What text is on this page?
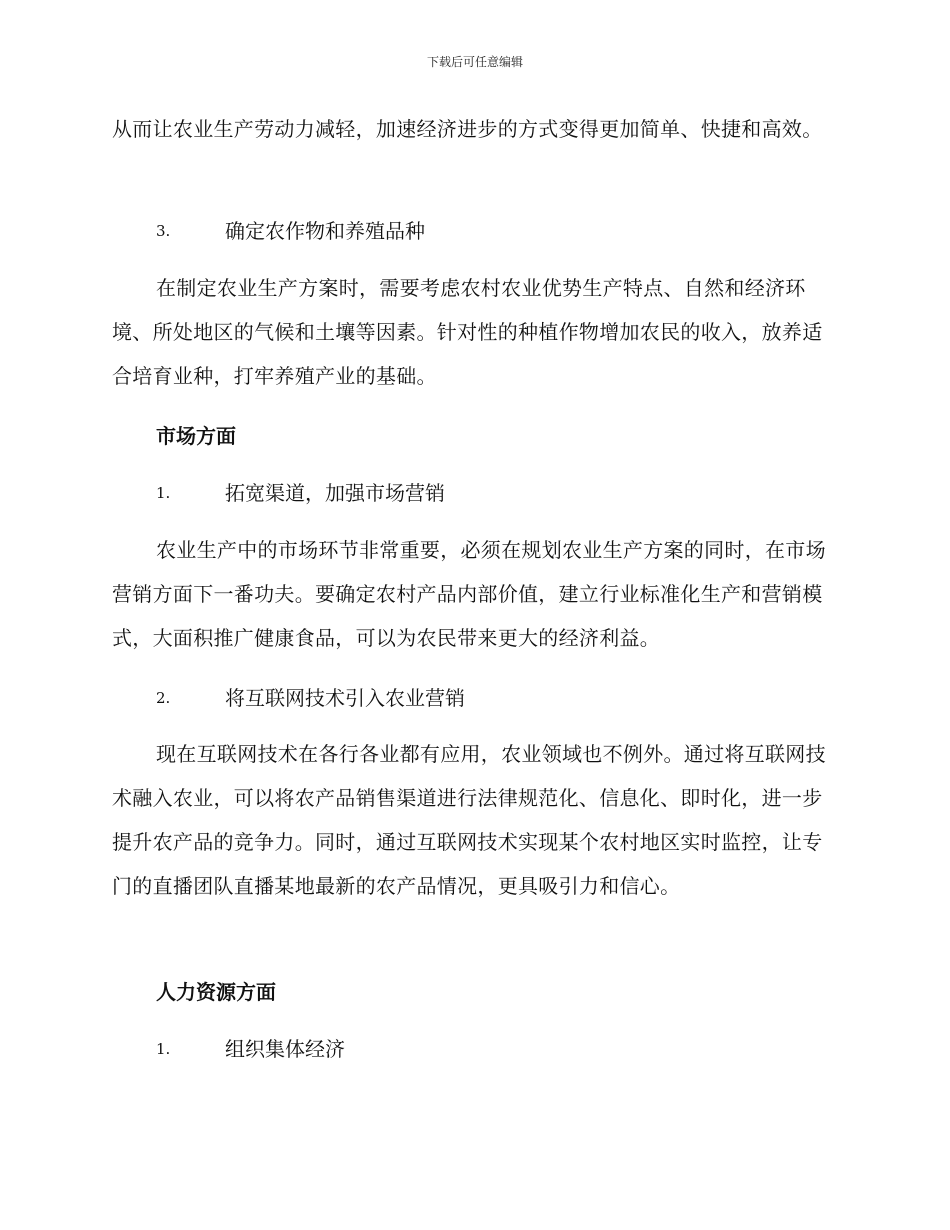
下载后可任意编辑
从而让农业生产劳动力减轻，加速经济进步的方式变得更加简单、快捷和高效。
3.	确定农作物和养殖品种
在制定农业生产方案时，需要考虑农村农业优势生产特点、自然和经济环境、所处地区的气候和土壤等因素。针对性的种植作物增加农民的收入，放养适合培育业种，打牢养殖产业的基础。
市场方面
1.	拓宽渠道，加强市场营销
农业生产中的市场环节非常重要，必须在规划农业生产方案的同时，在市场营销方面下一番功夫。要确定农村产品内部价值，建立行业标准化生产和营销模式，大面积推广健康食品，可以为农民带来更大的经济利益。
2.	将互联网技术引入农业营销
现在互联网技术在各行各业都有应用，农业领域也不例外。通过将互联网技术融入农业，可以将农产品销售渠道进行法律规范化、信息化、即时化，进一步提升农产品的竞争力。同时，通过互联网技术实现某个农村地区实时监控，让专门的直播团队直播某地最新的农产品情况，更具吸引力和信心。
人力资源方面
1.	组织集体经济
